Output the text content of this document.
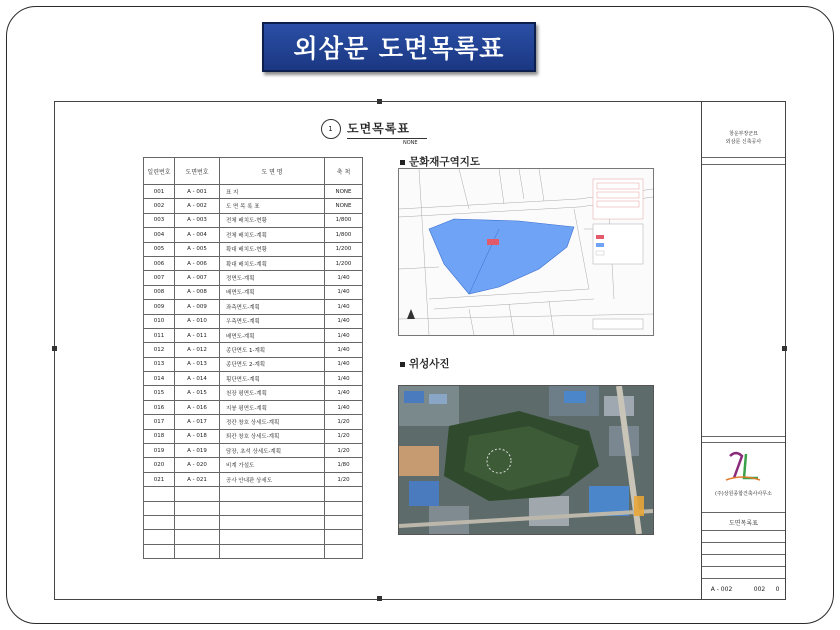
외삼문 도면목록표
1 도면목록표
NONE
일련번호	도면번호	도 면 명	축 척
001	A - 001	표 지	NONE
002	A - 002	도 면 목 록 표	NONE
003	A - 003	전체 배치도-현황	1/800
004	A - 004	전체 배치도-계획	1/800
005	A - 005	확대 배치도-현황	1/200
006	A - 006	확대 배치도-계획	1/200
007	A - 007	정면도-계획	1/40
008	A - 008	배면도-계획	1/40
009	A - 009	좌측면도-계획	1/40
010	A - 010	우측면도-계획	1/40
011	A - 011	배면도-계획	1/40
012	A - 012	종단면도 1-계획	1/40
013	A - 013	종단면도 2-계획	1/40
014	A - 014	횡단면도-계획	1/40
015	A - 015	천장 평면도-계획	1/40
016	A - 016	지붕 평면도-계획	1/40
017	A - 017	정칸 창호 상세도-계획	1/20
018	A - 018	퇴칸 창호 상세도-계획	1/20
019	A - 019	담장, 초석 상세도-계획	1/20
020	A - 020	비계 가설도	1/80
021	A - 021	공사 안내판 상세도	1/20

문화재구역지도
위성사진
창운부장군묘
외삼문 신축공사
(주)상원종합건축사사무소
도면목록표
A - 002	002	0
